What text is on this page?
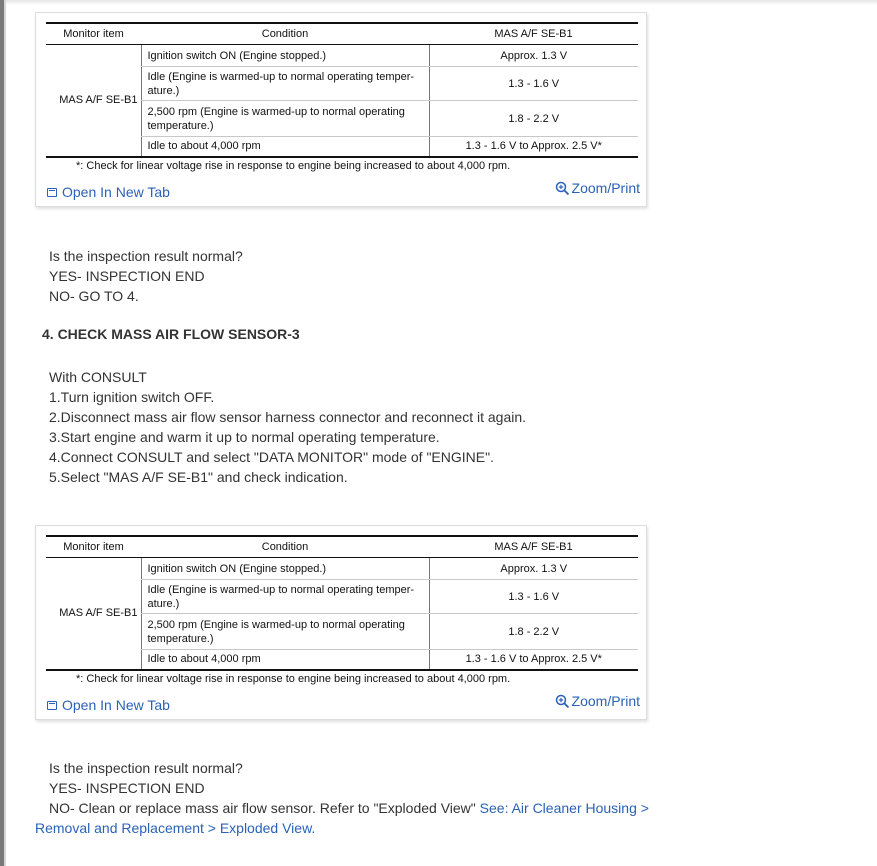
Monitor item	Condition	MAS A/F SE-B1
MAS A/F SE-B1	Ignition switch ON (Engine stopped.)	Approx. 1.3 V

	Idle (Engine is warmed-up to normal operating temper-
ature.)	1.3 - 1.6 V

	2,500 rpm (Engine is warmed-up to normal operating
temperature.)	1.8 - 2.2 V
	Idle to about 4,000 rpm	1.3 - 1.6 V to Approx. 2.5 V*
*: Check for linear voltage rise in response to engine being increased to about 4,000 rpm.
Open In New Tab	Zoom/Print
Is the inspection result normal?
YES- INSPECTION END
NO- GO TO 4.
4. CHECK MASS AIR FLOW SENSOR-3
With CONSULT
1.Turn ignition switch OFF.
2.Disconnect mass air flow sensor harness connector and reconnect it again.
3.Start engine and warm it up to normal operating temperature.
4.Connect CONSULT and select "DATA MONITOR" mode of "ENGINE".
5.Select "MAS A/F SE-B1" and check indication.
Monitor item	Condition	MAS A/F SE-B1
MAS A/F SE-B1	Ignition switch ON (Engine stopped.)	Approx. 1.3 V

	Idle (Engine is warmed-up to normal operating temper-
ature.)	1.3 - 1.6 V

	2,500 rpm (Engine is warmed-up to normal operating
temperature.)	1.8 - 2.2 V
	Idle to about 4,000 rpm	1.3 - 1.6 V to Approx. 2.5 V*
*: Check for linear voltage rise in response to engine being increased to about 4,000 rpm.
Open In New Tab	Zoom/Print
Is the inspection result normal?
YES- INSPECTION END
NO- Clean or replace mass air flow sensor. Refer to "Exploded View" See: Air Cleaner Housing >
Removal and Replacement > Exploded View.
